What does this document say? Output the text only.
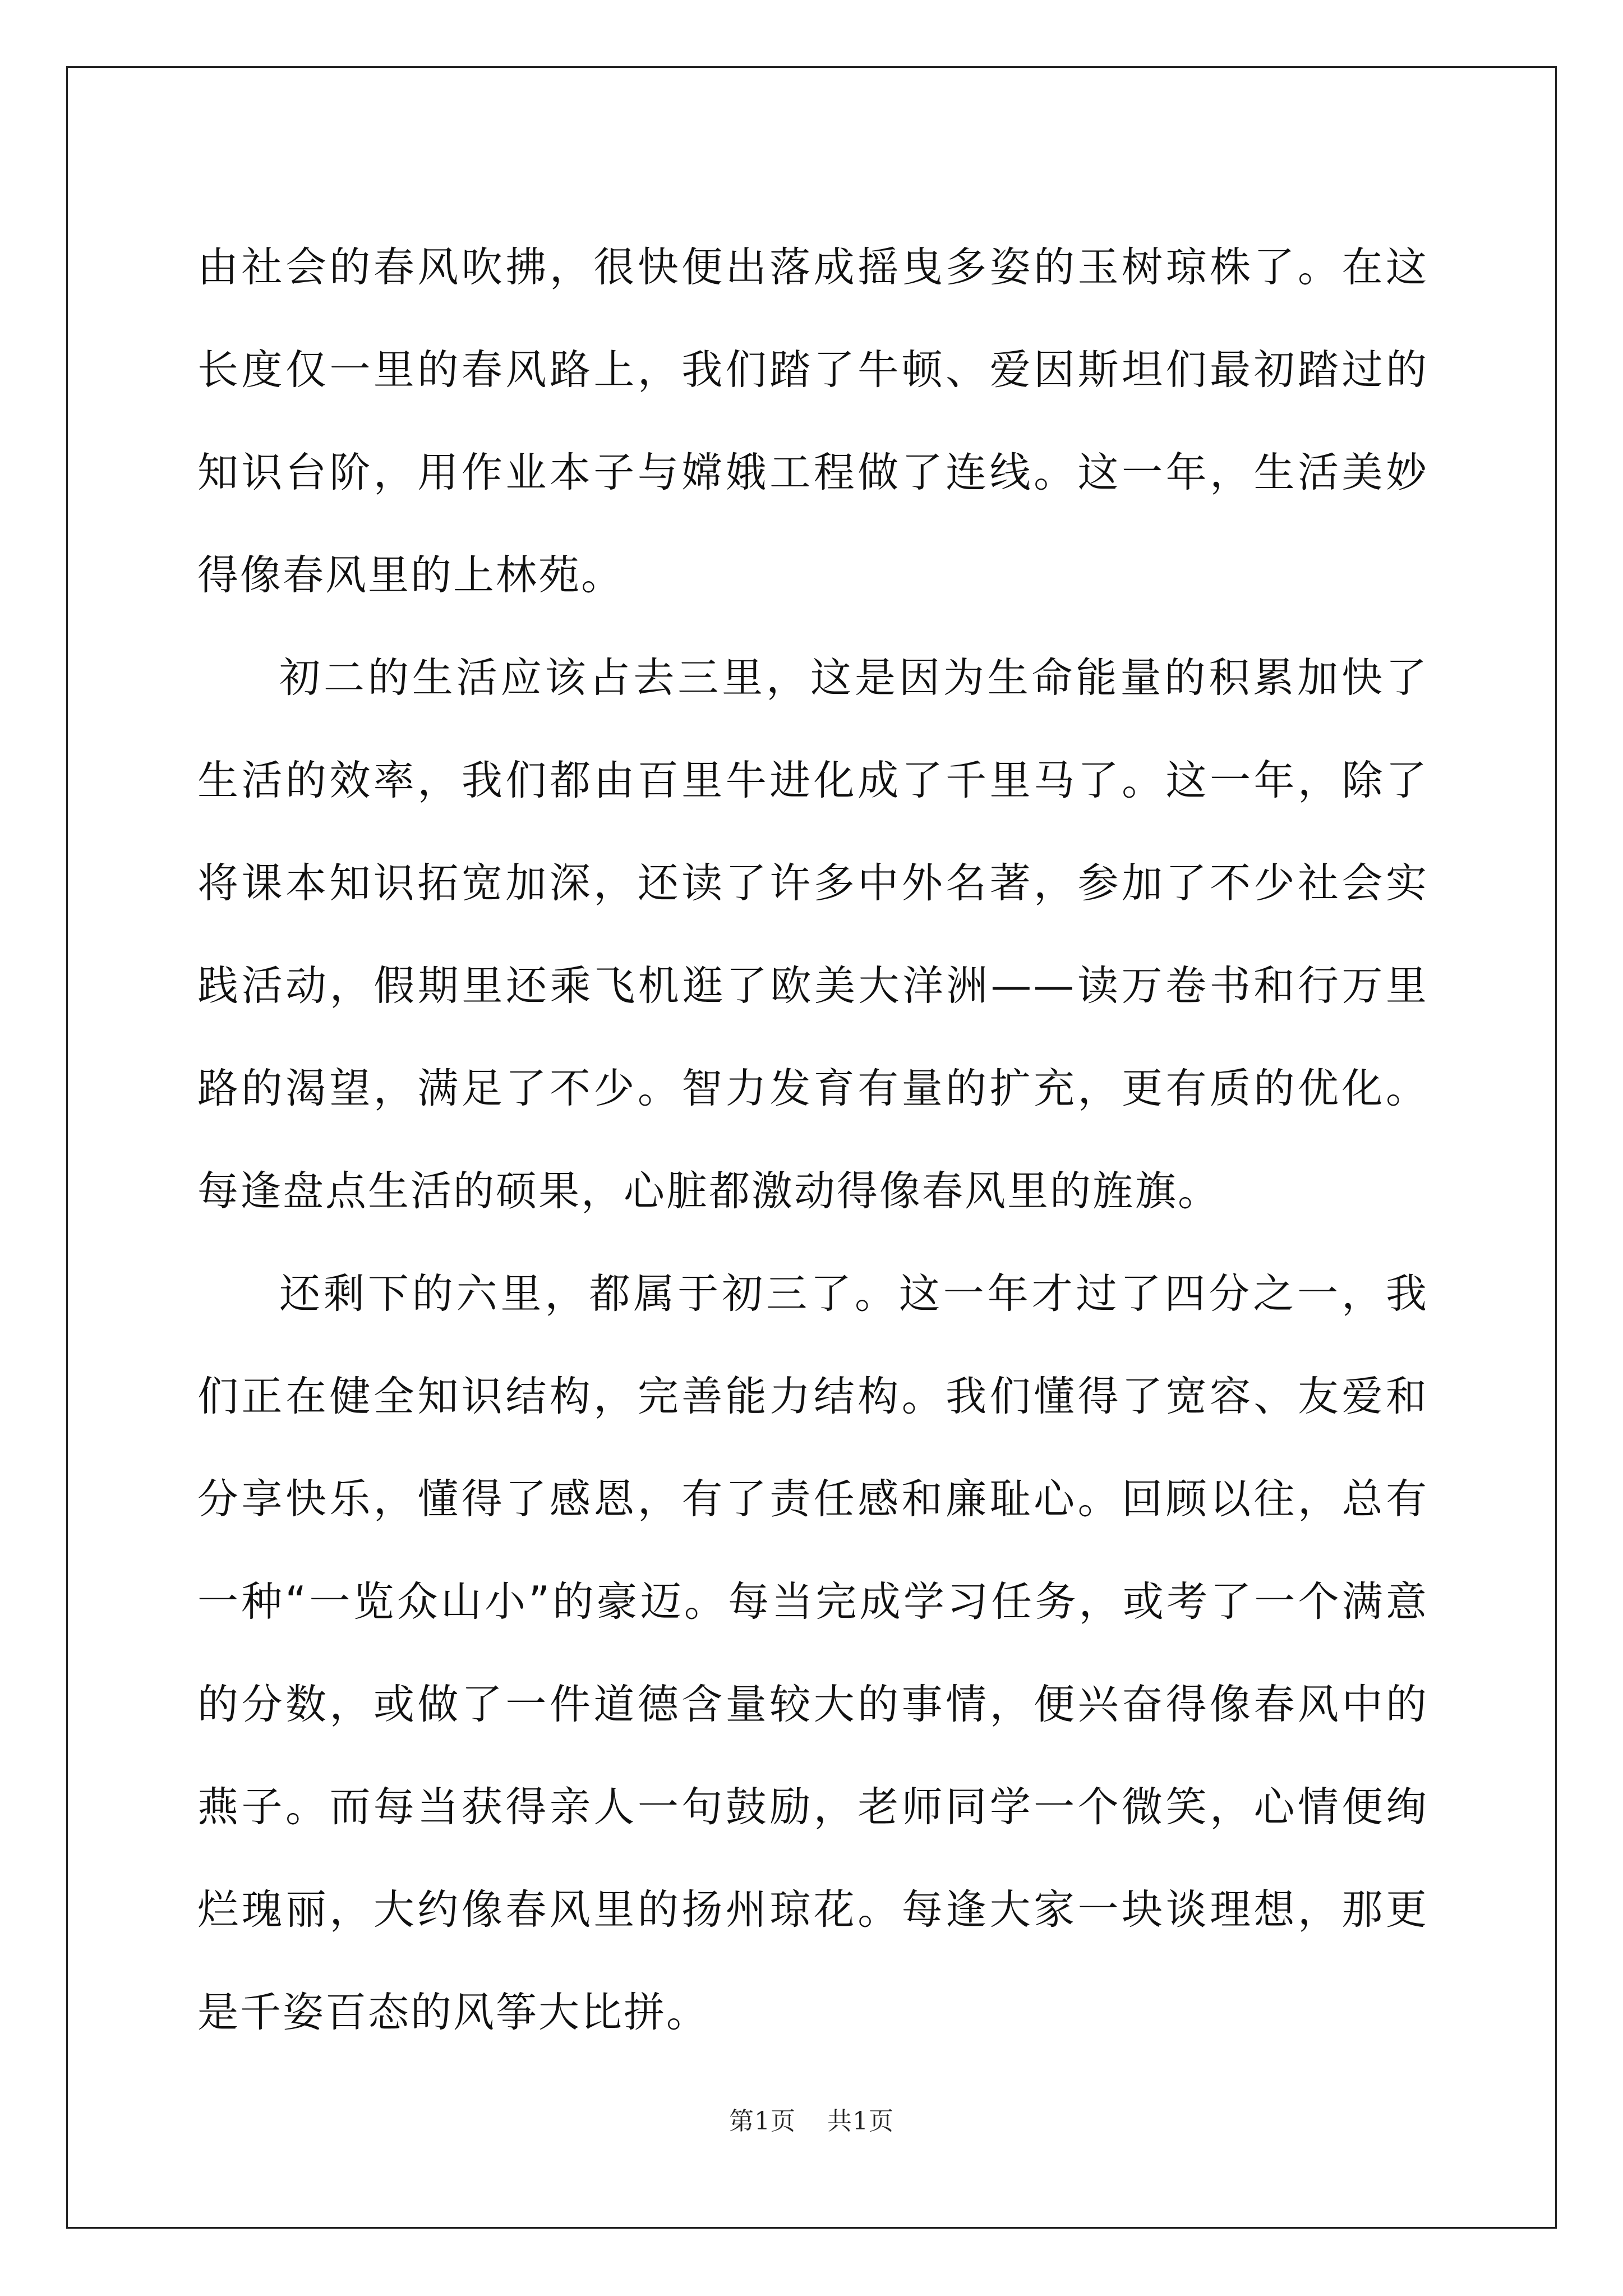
由社会的春风吹拂，很快便出落成摇曳多姿的玉树琼株了。在这长度仅一里的春风路上，我们踏了牛顿、爱因斯坦们最初踏过的知识台阶，用作业本子与嫦娥工程做了连线。这一年，生活美妙得像春风里的上林苑。

初二的生活应该占去三里，这是因为生命能量的积累加快了生活的效率，我们都由百里牛进化成了千里马了。这一年，除了将课本知识拓宽加深，还读了许多中外名著，参加了不少社会实践活动，假期里还乘飞机逛了欧美大洋洲——读万卷书和行万里路的渴望，满足了不少。智力发育有量的扩充，更有质的优化。每逢盘点生活的硕果，心脏都激动得像春风里的旌旗。

还剩下的六里，都属于初三了。这一年才过了四分之一，我们正在健全知识结构，完善能力结构。我们懂得了宽容、友爱和分享快乐，懂得了感恩，有了责任感和廉耻心。回顾以往，总有一种“一览众山小”的豪迈。每当完成学习任务，或考了一个满意的分数，或做了一件道德含量较大的事情，便兴奋得像春风中的燕子。而每当获得亲人一句鼓励，老师同学一个微笑，心情便绚烂瑰丽，大约像春风里的扬州琼花。每逢大家一块谈理想，那更是千姿百态的风筝大比拼。

第1页 共1页
